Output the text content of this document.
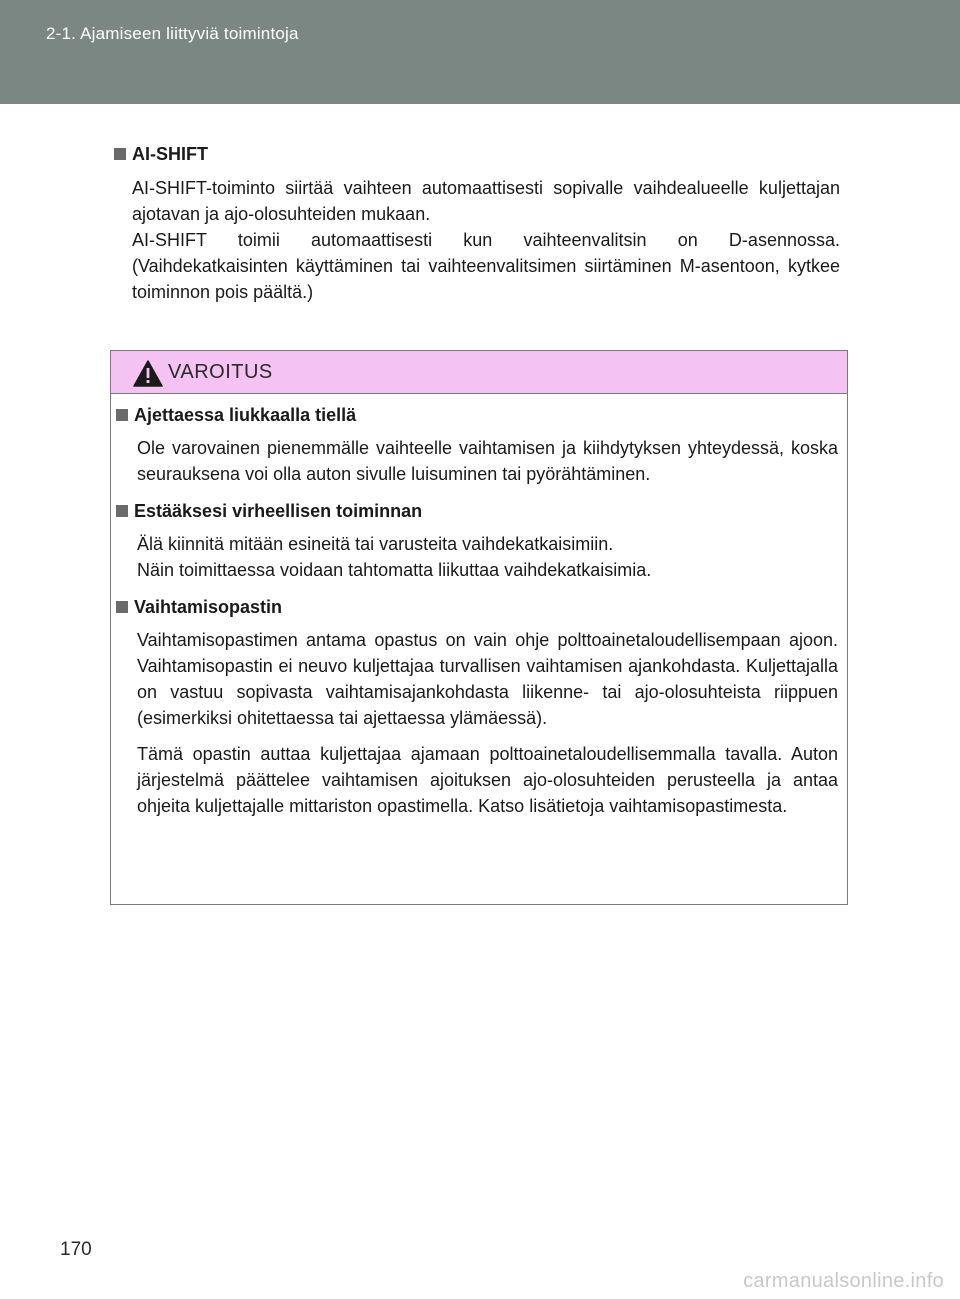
2-1. Ajamiseen liittyviä toimintoja
AI-SHIFT

AI-SHIFT-toiminto siirtää vaihteen automaattisesti sopivalle vaihdealueelle kuljettajan ajotavan ja ajo-olosuhteiden mukaan.

AI-SHIFT toimii automaattisesti kun vaihteenvalitsin on D-asennossa. (Vaihdekatkaisinten käyttäminen tai vaihteenvalitsimen siirtäminen M-asentoon, kytkee toiminnon pois päältä.)

VAROITUS
Ajettaessa liukkaalla tiellä

Ole varovainen pienemmälle vaihteelle vaihtamisen ja kiihdytyksen yhteydessä, koska seurauksena voi olla auton sivulle luisuminen tai pyörähtäminen.

Estääksesi virheellisen toiminnan

Älä kiinnitä mitään esineitä tai varusteita vaihdekatkaisimiin.

Näin toimittaessa voidaan tahtomatta liikuttaa vaihdekatkaisimia.

Vaihtamisopastin

Vaihtamisopastimen antama opastus on vain ohje polttoainetaloudellisempaan ajoon. Vaihtamisopastin ei neuvo kuljettajaa turvallisen vaihtamisen ajankohdasta. Kuljettajalla on vastuu sopivasta vaihtamisajankohdasta liikenne- tai ajo-olosuhteista riippuen (esimerkiksi ohitettaessa tai ajettaessa ylämäessä).

Tämä opastin auttaa kuljettajaa ajamaan polttoainetaloudellisemmalla tavalla. Auton järjestelmä päättelee vaihtamisen ajoituksen ajo-olosuhteiden perusteella ja antaa ohjeita kuljettajalle mittariston opastimella. Katso lisätietoja vaihtamisopastimesta.

170
carmanualsonline.info
